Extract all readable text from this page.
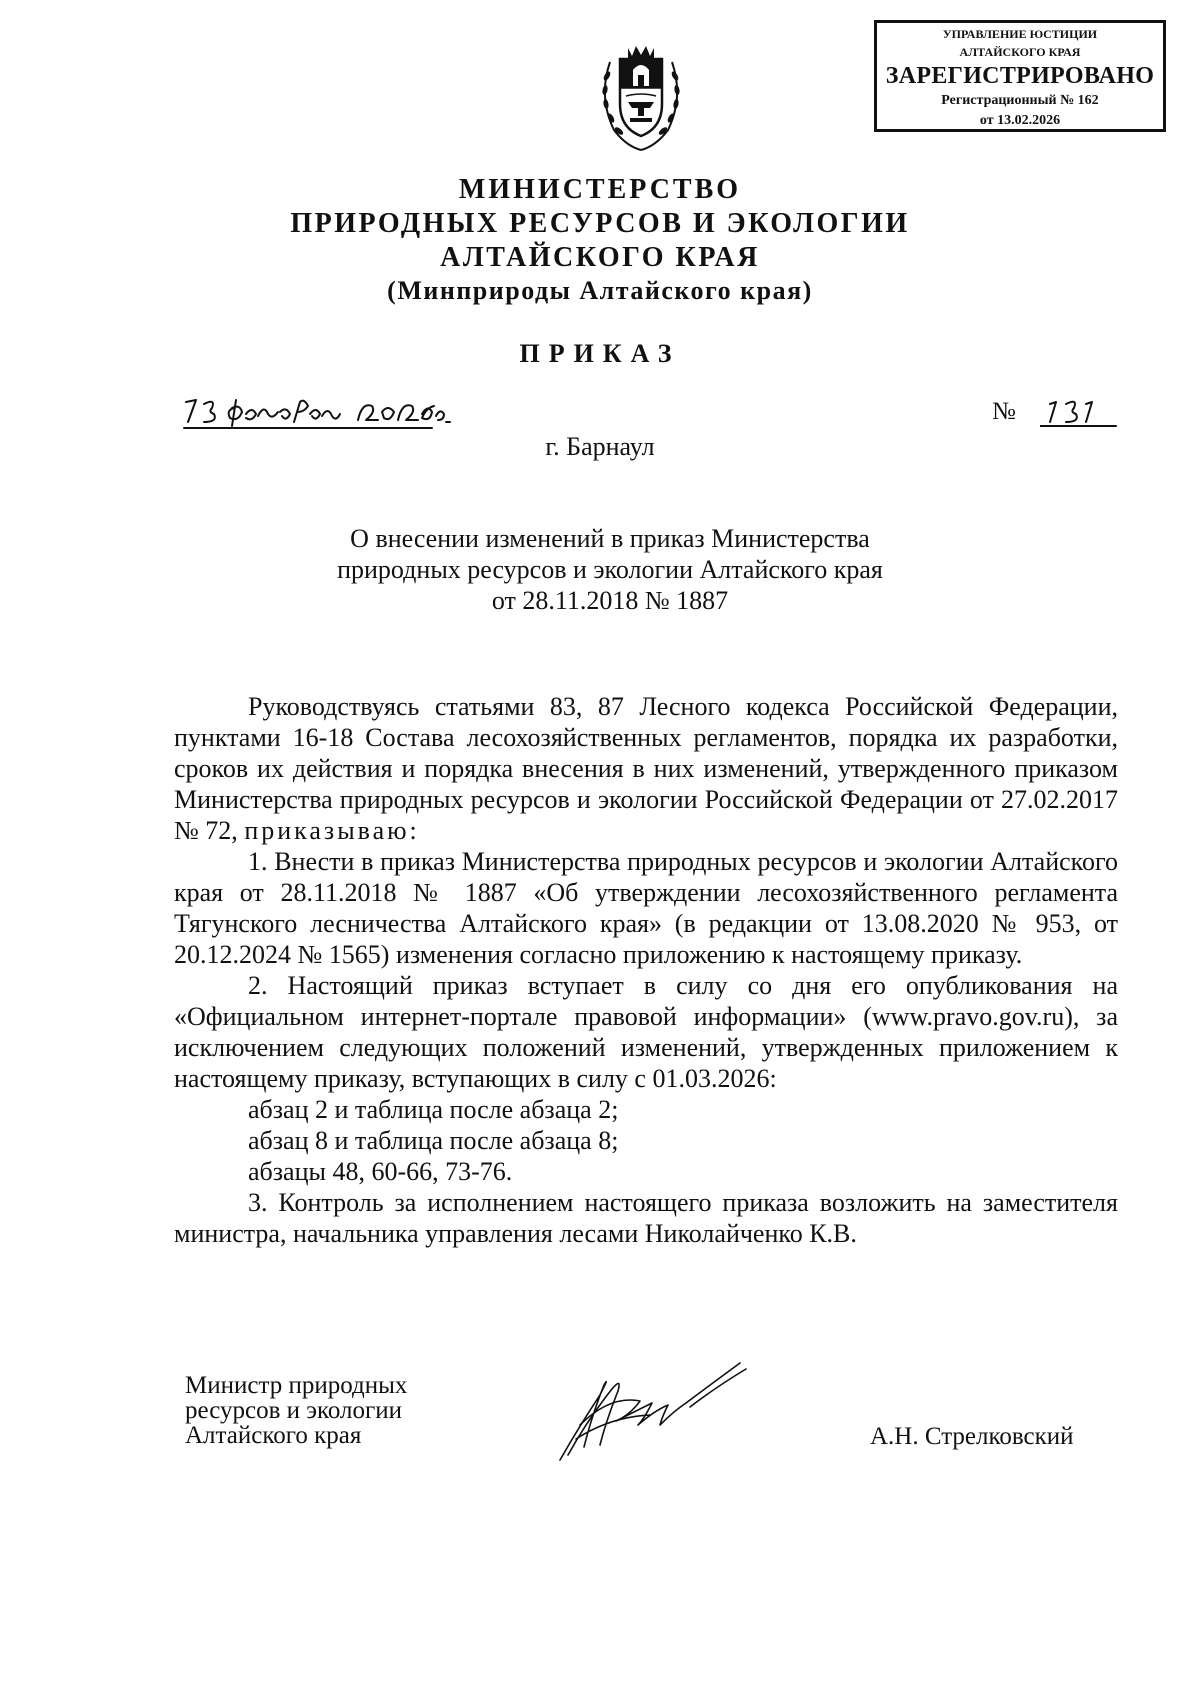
УПРАВЛЕНИЕ ЮСТИЦИИ
АЛТАЙСКОГО КРАЯ
ЗАРЕГИСТРИРОВАНО
Регистрационный № 162
от 13.02.2026
МИНИСТЕРСТВО
ПРИРОДНЫХ РЕСУРСОВ И ЭКОЛОГИИ
АЛТАЙСКОГО КРАЯ
(Минприроды Алтайского края)
ПРИКАЗ
№
г. Барнаул
О внесении изменений в приказ Министерства
природных ресурсов и экологии Алтайского края
от 28.11.2018 № 1887

Руководствуясь статьями 83, 87 Лесного кодекса Российской Федерации, пунктами 16-18 Состава лесохозяйственных регламентов, порядка их разработки, сроков их действия и порядка внесения в них изменений, утвержденного приказом Министерства природных ресурсов и экологии Российской Федерации от 27.02.2017 № 72, приказываю:

1. Внести в приказ Министерства природных ресурсов и экологии Алтайского края от 28.11.2018 № 1887 «Об утверждении лесохозяйственного регламента Тягунского лесничества Алтайского края» (в редакции от 13.08.2020 № 953, от 20.12.2024 № 1565) изменения согласно приложению к настоящему приказу.

2. Настоящий приказ вступает в силу со дня его опубликования на «Официальном интернет-портале правовой информации» (www.pravo.gov.ru), за исключением следующих положений изменений, утвержденных приложением к настоящему приказу, вступающих в силу с 01.03.2026:

абзац 2 и таблица после абзаца 2;

абзац 8 и таблица после абзаца 8;

абзацы 48, 60-66, 73-76.

3. Контроль за исполнением настоящего приказа возложить на заместителя министра, начальника управления лесами Николайченко К.В.

Министр природных
ресурсов и экологии
Алтайского края	А.Н. Стрелковский
